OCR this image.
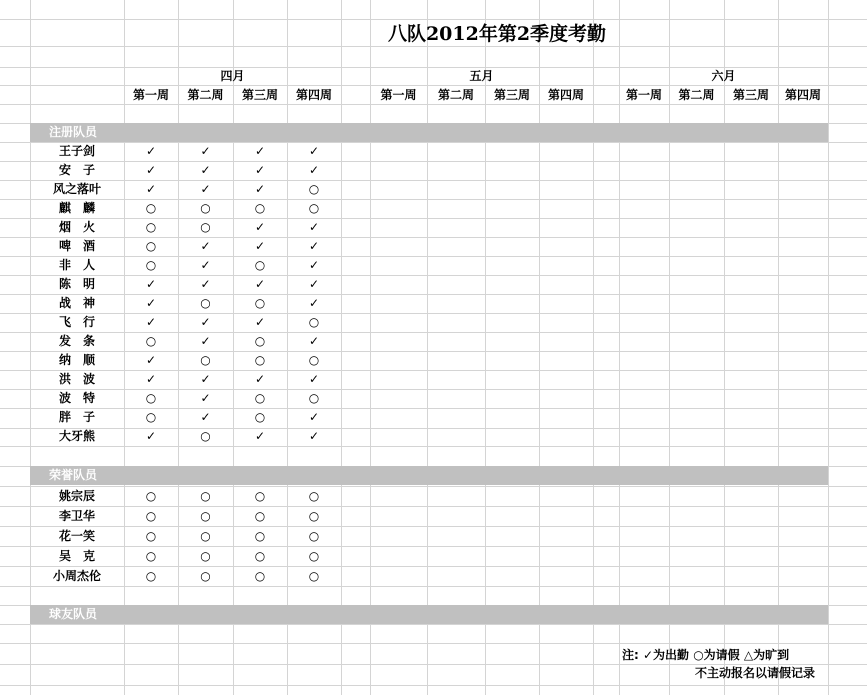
八队2012年第2季度考勤
四月
第一周	第二周	第三周	第四周
五月
第一周	第二周	第三周	第四周
六月
第一周	第二周	第三周	第四周
注册队员
王子剑	✓	✓	✓	✓
安　子	✓	✓	✓	✓
风之落叶	✓	✓	✓	○
麒　麟	○	○	○	○
烟　火	○	○	✓	✓
啤　酒	○	✓	✓	✓
非　人	○	✓	○	✓
陈　明	✓	✓	✓	✓
战　神	✓	○	○	✓
飞　行	✓	✓	✓	○
发　条	○	✓	○	✓
纳　顺	✓	○	○	○
洪　波	✓	✓	✓	✓
波　特	○	✓	○	○
胖　子	○	✓	○	✓
大牙熊	✓	○	✓	✓
荣誉队员
姚宗辰	○	○	○	○
李卫华	○	○	○	○
花一笑	○	○	○	○
吴　克	○	○	○	○
小周杰伦	○	○	○	○
球友队员
注: ✓为出勤 ○为请假 △为旷到
不主动报名以请假记录
